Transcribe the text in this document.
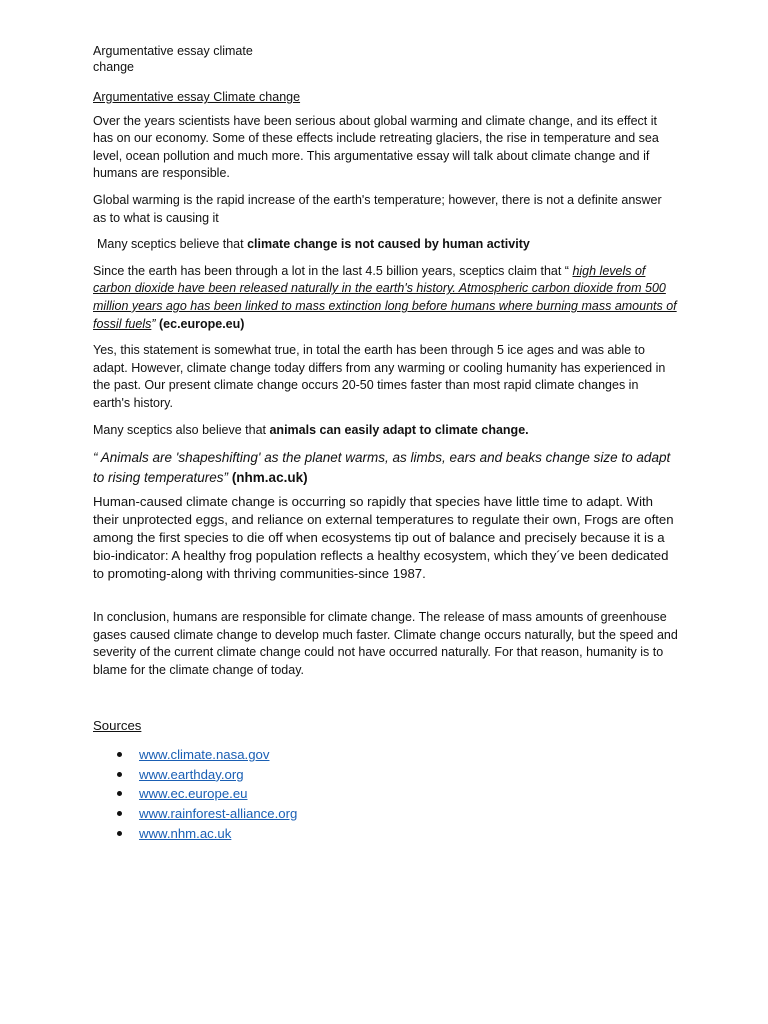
Argumentative essay climate
change
Argumentative essay Climate change

Over the years scientists have been serious about global warming and climate change, and its effect it has on our economy. Some of these effects include retreating glaciers, the rise in temperature and sea level, ocean pollution and much more. This argumentative essay will talk about climate change and if humans are responsible.

Global warming is the rapid increase of the earth's temperature; however, there is not a definite answer as to what is causing it

Many sceptics believe that climate change is not caused by human activity

Since the earth has been through a lot in the last 4.5 billion years, sceptics claim that “ high levels of carbon dioxide have been released naturally in the earth's history. Atmospheric carbon dioxide from 500 million years ago has been linked to mass extinction long before humans where burning mass amounts of fossil fuels” (ec.europe.eu)

Yes, this statement is somewhat true, in total the earth has been through 5 ice ages and was able to adapt. However, climate change today differs from any warming or cooling humanity has experienced in the past. Our present climate change occurs 20-50 times faster than most rapid climate changes in earth's history.

Many sceptics also believe that animals can easily adapt to climate change.

“ Animals are 'shapeshifting' as the planet warms, as limbs, ears and beaks change size to adapt to rising temperatures” (nhm.ac.uk)

Human-caused climate change is occurring so rapidly that species have little time to adapt. With their unprotected eggs, and reliance on external temperatures to regulate their own, Frogs are often among the first species to die off when ecosystems tip out of balance and precisely because it is a bio-indicator: A healthy frog population reflects a healthy ecosystem, which they´ve been dedicated to promoting-along with thriving communities-since 1987.

In conclusion, humans are responsible for climate change. The release of mass amounts of greenhouse gases caused climate change to develop much faster. Climate change occurs naturally, but the speed and severity of the current climate change could not have occurred naturally. For that reason, humanity is to blame for the climate change of today.

Sources
www.climate.nasa.gov
www.earthday.org
www.ec.europe.eu
www.rainforest-alliance.org
www.nhm.ac.uk
